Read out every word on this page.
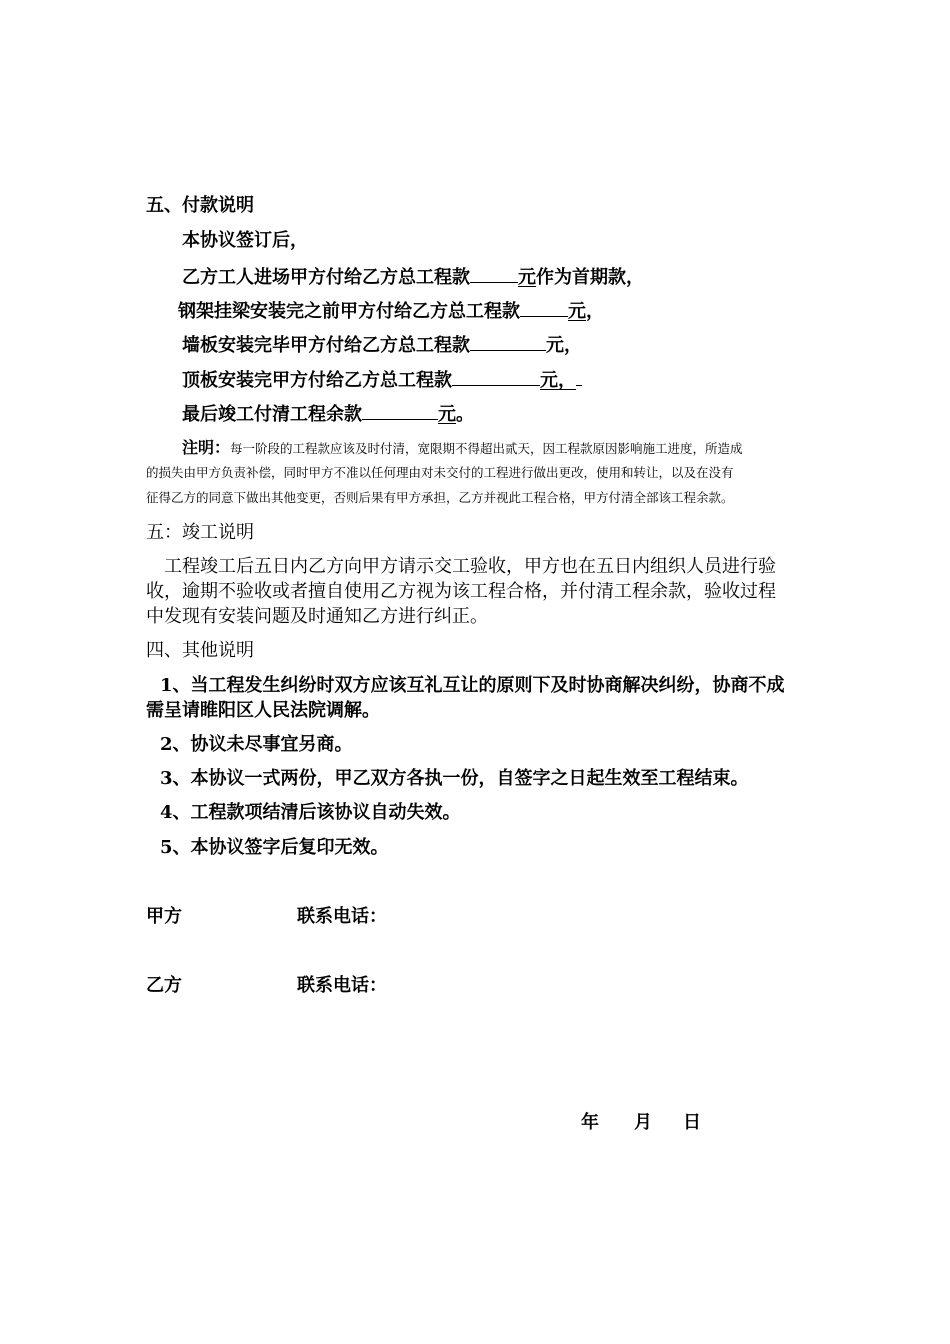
五、付款说明
本协议签订后，
乙方工人进场甲方付给乙方总工程款	元作为首期款，
钢架挂梁安装完之前甲方付给乙方总工程款	元，
墙板安装完毕甲方付给乙方总工程款	元，
顶板安装完甲方付给乙方总工程款	元，
最后竣工付清工程余款	元。
注明：每一阶段的工程款应该及时付清，宽限期不得超出贰天，因工程款原因影响施工进度，所造成
的损失由甲方负责补偿，同时甲方不准以任何理由对未交付的工程进行做出更改，使用和转让，以及在没有
征得乙方的同意下做出其他变更，否则后果有甲方承担，乙方并视此工程合格，甲方付清全部该工程余款。
五：竣工说明
工程竣工后五日内乙方向甲方请示交工验收，甲方也在五日内组织人员进行验
收，逾期不验收或者擅自使用乙方视为该工程合格，并付清工程余款，验收过程
中发现有安装问题及时通知乙方进行纠正。
四、其他说明
1、当工程发生纠纷时双方应该互礼互让的原则下及时协商解决纠纷，协商不成
需呈请睢阳区人民法院调解。
2、协议未尽事宜另商。
3、本协议一式两份，甲乙双方各执一份，自签字之日起生效至工程结束。
4、工程款项结清后该协议自动失效。
5、本协议签字后复印无效。
甲方	联系电话：
乙方	联系电话：
年 月 日
